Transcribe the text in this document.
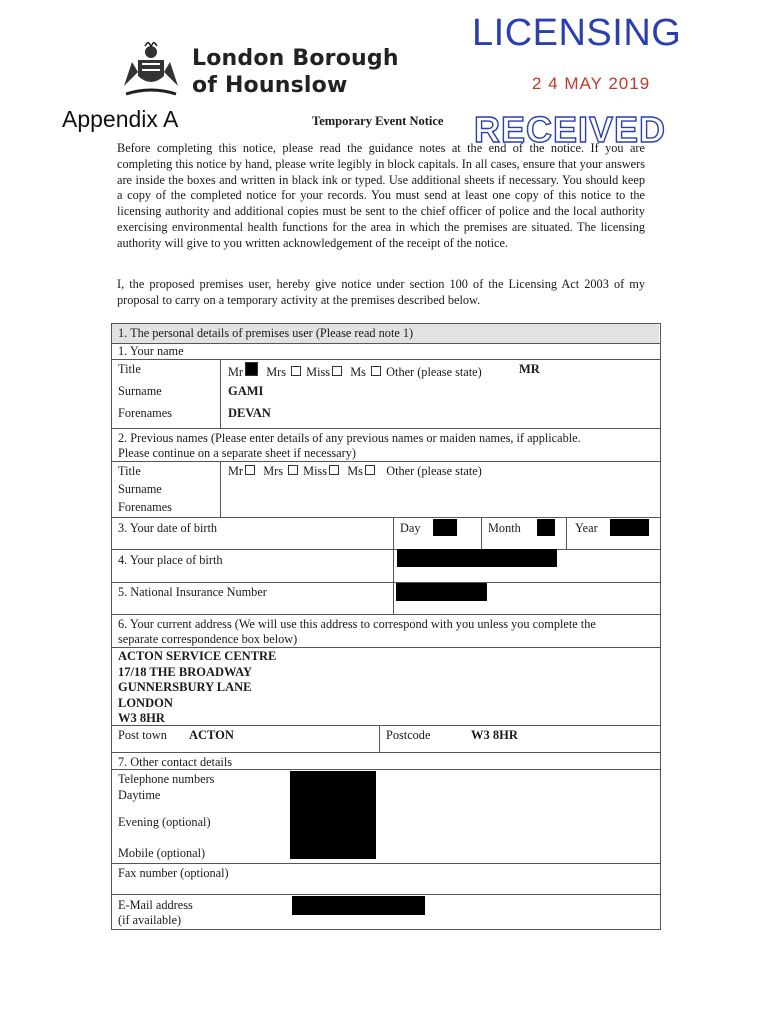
London Borough
of Hounslow
LICENSING
2 4 MAY 2019
Appendix A	Temporary Event Notice RECEIVED
Before completing this notice, please read the guidance notes at the end of the notice. If you are completing this notice by hand, please write legibly in block capitals. In all cases, ensure that your answers are inside the boxes and written in black ink or typed. Use additional sheets if necessary. You should keep a copy of the completed notice for your records. You must send at least one copy of this notice to the licensing authority and additional copies must be sent to the chief officer of police and the local authority exercising environmental health functions for the area in which the premises are situated. The licensing authority will give to you written acknowledgement of the receipt of the notice.
I, the proposed premises user, hereby give notice under section 100 of the Licensing Act 2003 of my proposal to carry on a temporary activity at the premises described below.
1. The personal details of premises user (Please read note 1)
1. Your name
Title	Mr Mrs Miss Ms Other (please state)	MR
Surname	GAMI
Forenames	DEVAN
2. Previous names (Please enter details of any previous names or maiden names, if applicable.
Please continue on a separate sheet if necessary)
Title	Mr Mrs Miss Ms Other (please state)
Surname
Forenames
3. Your date of birth	Day	Month	Year
4. Your place of birth
5. National Insurance Number
6. Your current address (We will use this address to correspond with you unless you complete the
separate correspondence box below)
ACTON SERVICE CENTRE
17/18 THE BROADWAY
GUNNERSBURY LANE
LONDON
W3 8HR
Post town ACTON	Postcode	W3 8HR
7. Other contact details
Telephone numbers
Daytime
Evening (optional)
Mobile (optional)
Fax number (optional)
E-Mail address
(if available)
